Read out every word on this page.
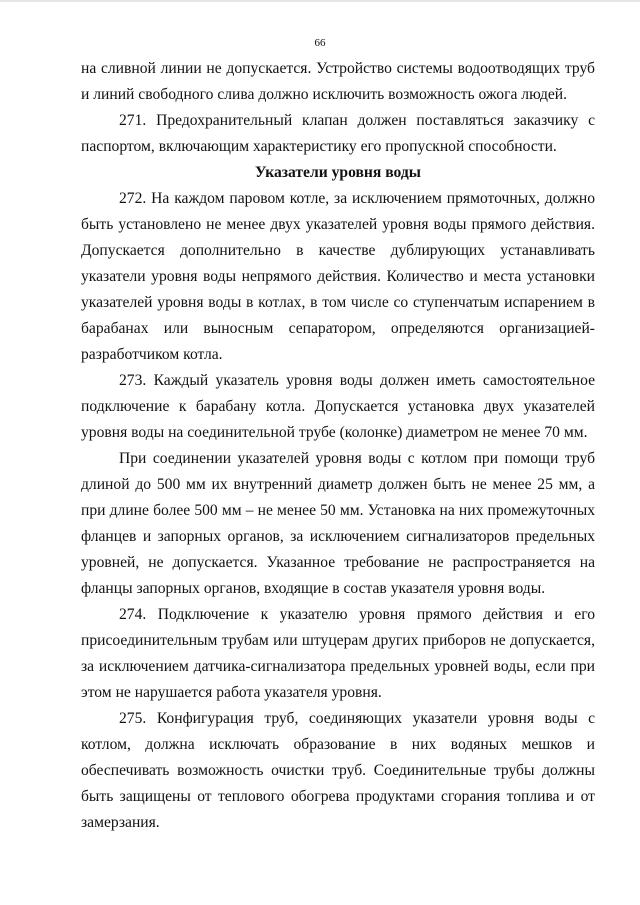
66

на сливной линии не допускается. Устройство системы водоотводящих труб и линий свободного слива должно исключить возможность ожога людей.

271. Предохранительный клапан должен поставляться заказчику с паспортом, включающим характеристику его пропускной способности.

Указатели уровня воды

272. На каждом паровом котле, за исключением прямоточных, должно быть установлено не менее двух указателей уровня воды прямого действия. Допускается дополнительно в качестве дублирующих устанавливать указатели уровня воды непрямого действия. Количество и места установки указателей уровня воды в котлах, в том числе со ступенчатым испарением в барабанах или выносным сепаратором, определяются организацией-разработчиком котла.

273. Каждый указатель уровня воды должен иметь самостоятельное подключение к барабану котла. Допускается установка двух указателей уровня воды на соединительной трубе (колонке) диаметром не менее 70 мм.

При соединении указателей уровня воды с котлом при помощи труб длиной до 500 мм их внутренний диаметр должен быть не менее 25 мм, а при длине более 500 мм – не менее 50 мм. Установка на них промежуточных фланцев и запорных органов, за исключением сигнализаторов предельных уровней, не допускается. Указанное требование не распространяется на фланцы запорных органов, входящие в состав указателя уровня воды.

274. Подключение к указателю уровня прямого действия и его присоединительным трубам или штуцерам других приборов не допускается, за исключением датчика-сигнализатора предельных уровней воды, если при этом не нарушается работа указателя уровня.

275. Конфигурация труб, соединяющих указатели уровня воды с котлом, должна исключать образование в них водяных мешков и обеспечивать возможность очистки труб. Соединительные трубы должны быть защищены от теплового обогрева продуктами сгорания топлива и от замерзания.
